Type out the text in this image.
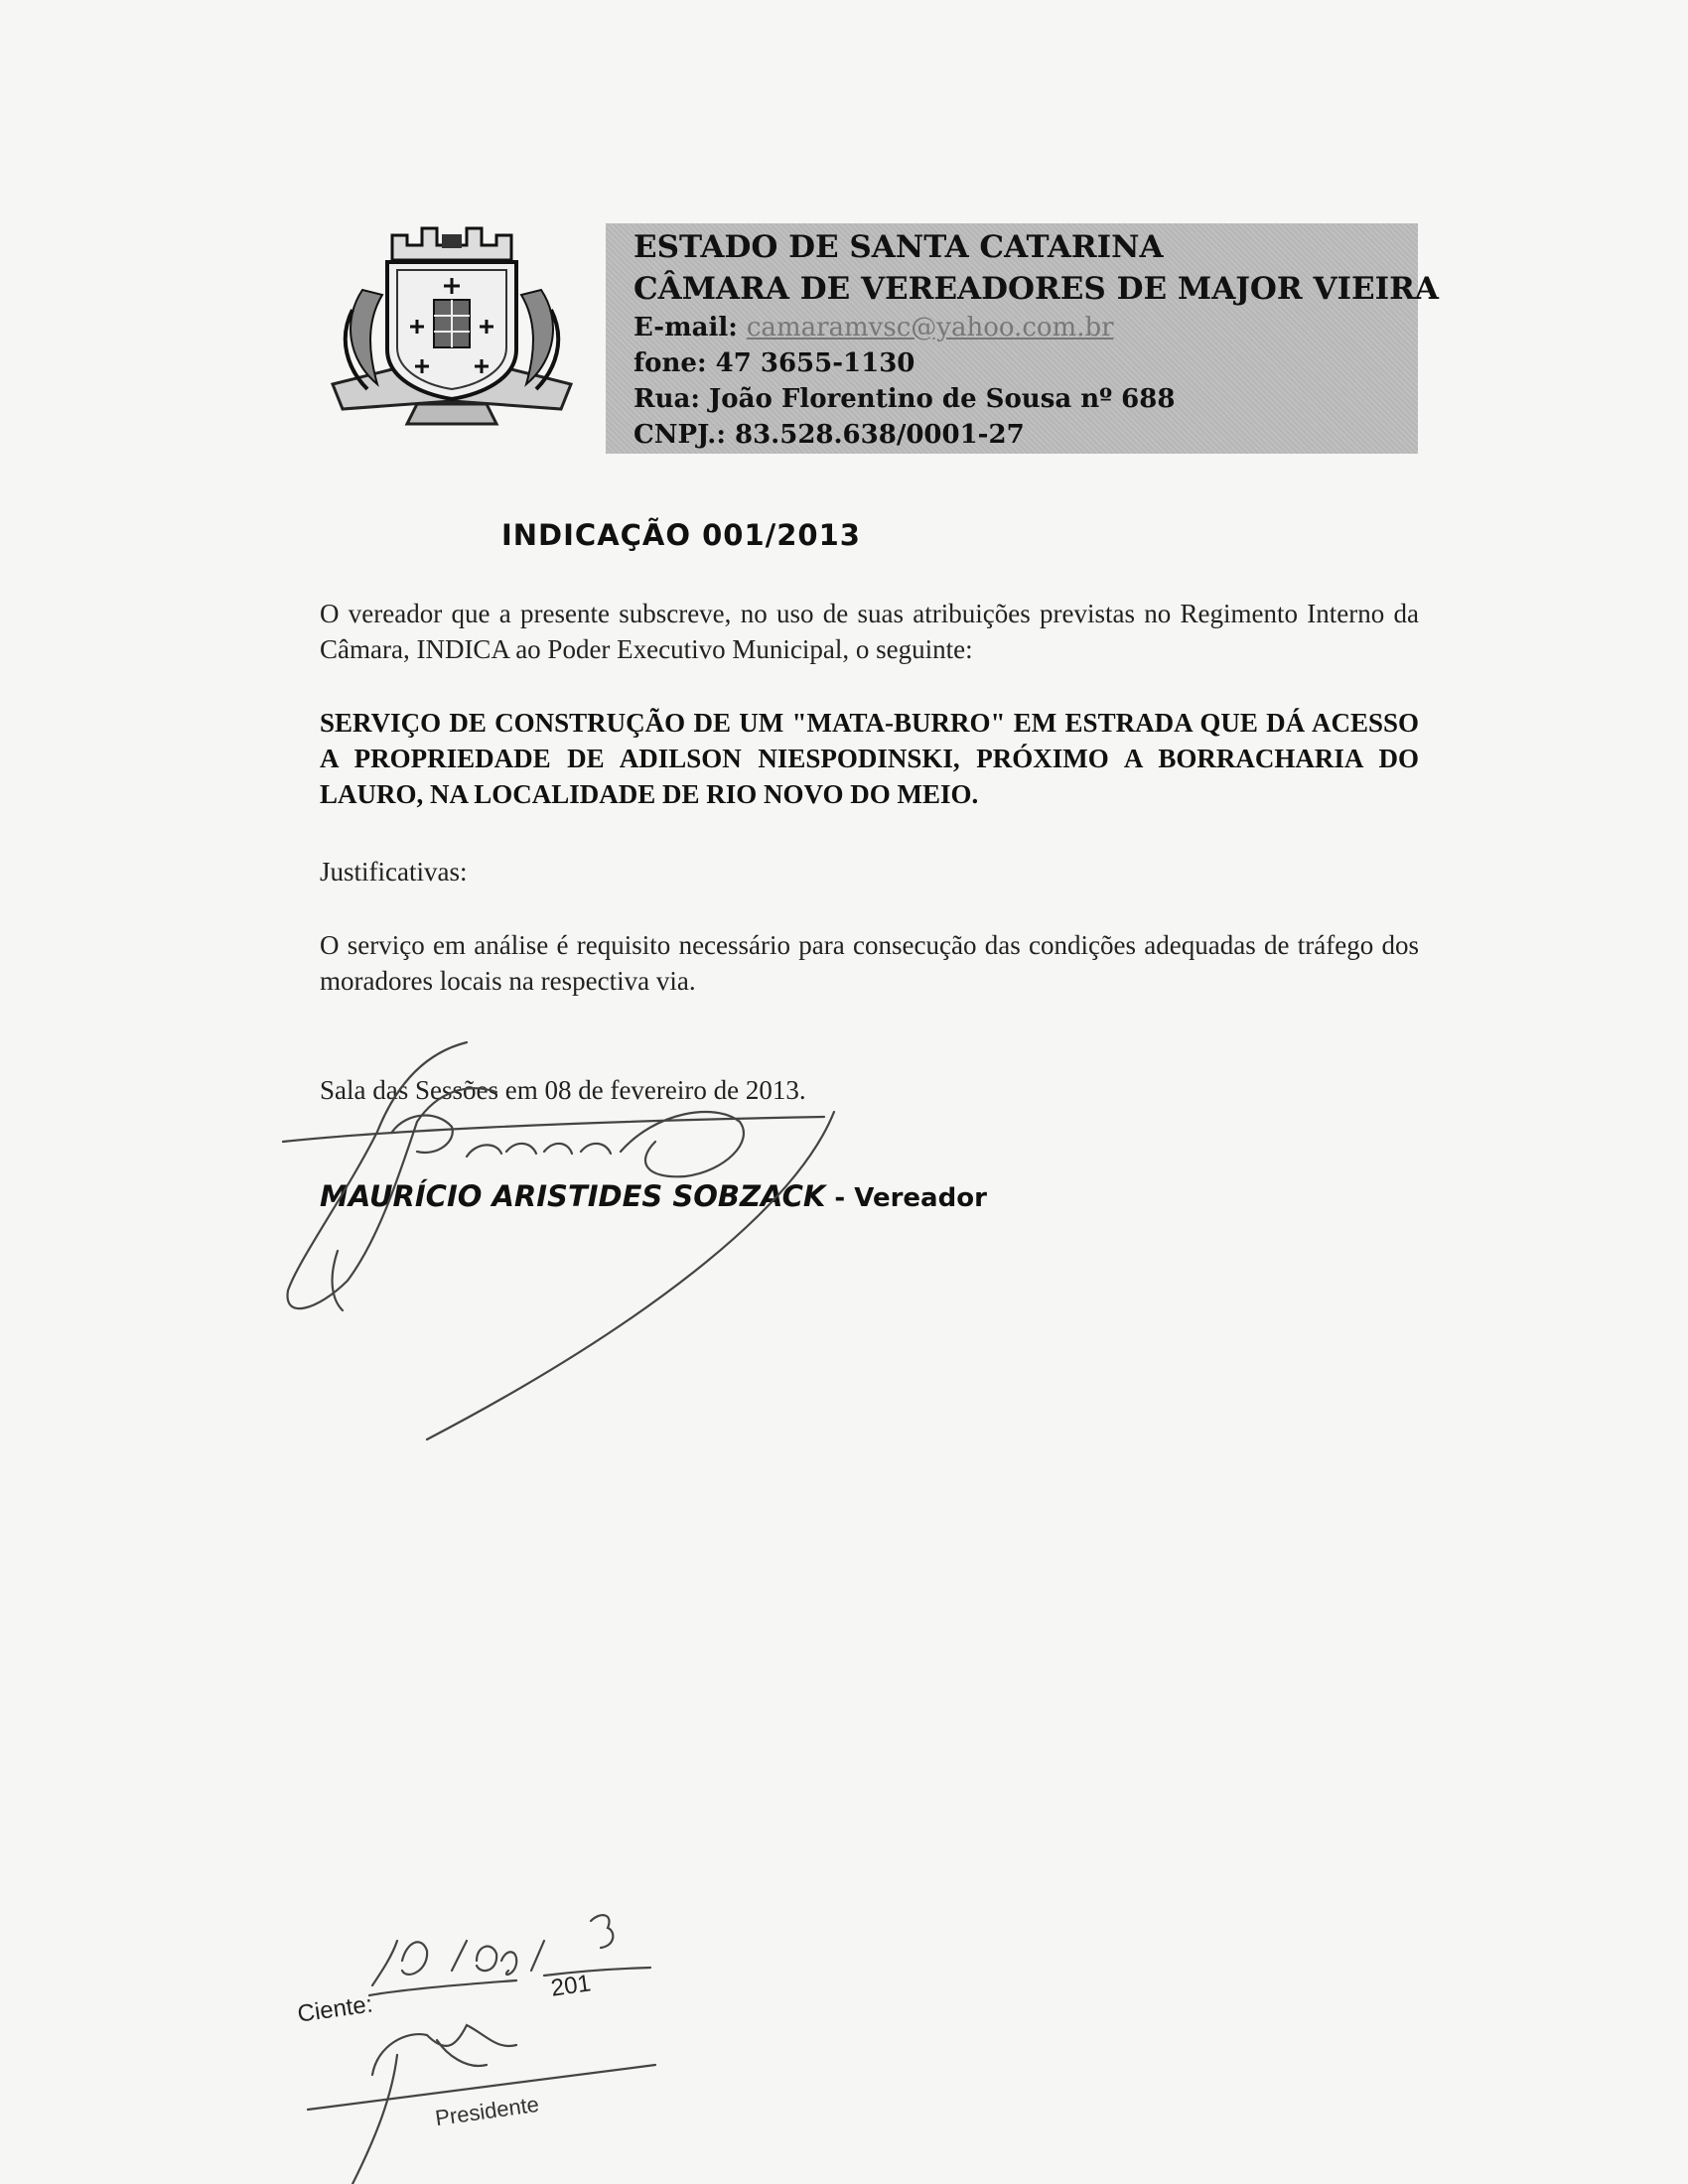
ESTADO DE SANTA CATARINA
CÂMARA DE VEREADORES DE MAJOR VIEIRA
E-mail: camaramvsc@yahoo.com.br
fone: 47 3655-1130
Rua: João Florentino de Sousa nº 688
CNPJ.: 83.528.638/0001-27
INDICAÇÃO 001/2013
O vereador que a presente subscreve, no uso de suas atribuições previstas no Regimento Interno da Câmara, INDICA ao Poder Executivo Municipal, o seguinte:
SERVIÇO DE CONSTRUÇÃO DE UM "MATA-BURRO" EM ESTRADA QUE DÁ ACESSO A PROPRIEDADE DE ADILSON NIESPODINSKI, PRÓXIMO A BORRACHARIA DO LAURO, NA LOCALIDADE DE RIO NOVO DO MEIO.
Justificativas:
O serviço em análise é requisito necessário para consecução das condições adequadas de tráfego dos moradores locais na respectiva via.
Sala das Sessões em 08 de fevereiro de 2013.
MAURÍCIO ARISTIDES SOBZACK - Vereador
Ciente:
201
Presidente
